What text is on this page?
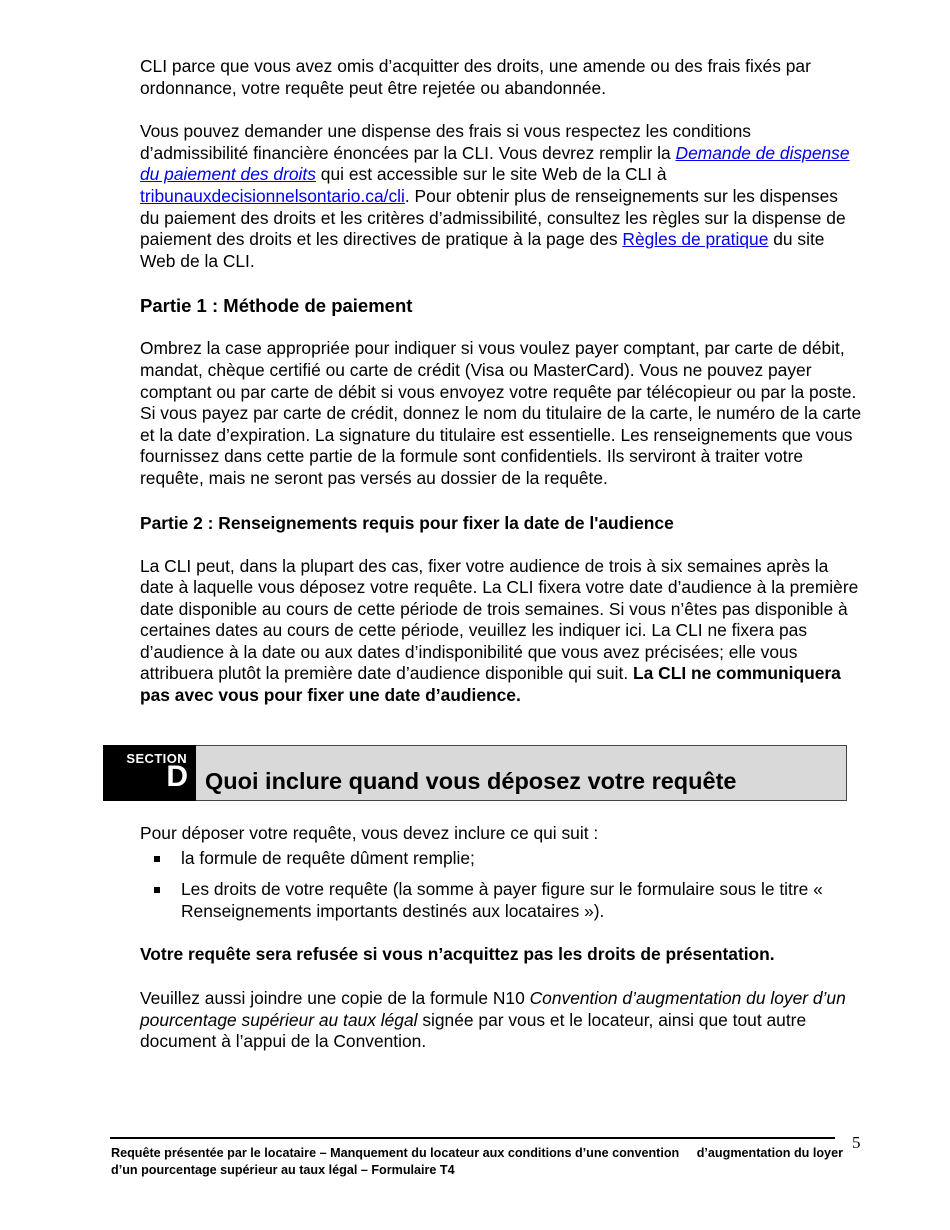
CLI parce que vous avez omis d’acquitter des droits, une amende ou des frais fixés par ordonnance, votre requête peut être rejetée ou abandonnée.

Vous pouvez demander une dispense des frais si vous respectez les conditions d’admissibilité financière énoncées par la CLI. Vous devrez remplir la Demande de dispense du paiement des droits qui est accessible sur le site Web de la CLI à tribunauxdecisionnelsontario.ca/cli. Pour obtenir plus de renseignements sur les dispenses du paiement des droits et les critères d’admissibilité, consultez les règles sur la dispense de paiement des droits et les directives de pratique à la page des Règles de pratique du site Web de la CLI.

Partie 1 : Méthode de paiement

Ombrez la case appropriée pour indiquer si vous voulez payer comptant, par carte de débit, mandat, chèque certifié ou carte de crédit (Visa ou MasterCard). Vous ne pouvez payer comptant ou par carte de débit si vous envoyez votre requête par télécopieur ou par la poste. Si vous payez par carte de crédit, donnez le nom du titulaire de la carte, le numéro de la carte et la date d’expiration. La signature du titulaire est essentielle. Les renseignements que vous fournissez dans cette partie de la formule sont confidentiels. Ils serviront à traiter votre requête, mais ne seront pas versés au dossier de la requête.

Partie 2 : Renseignements requis pour fixer la date de l'audience

La CLI peut, dans la plupart des cas, fixer votre audience de trois à six semaines après la date à laquelle vous déposez votre requête. La CLI fixera votre date d’audience à la première date disponible au cours de cette période de trois semaines. Si vous n’êtes pas disponible à certaines dates au cours de cette période, veuillez les indiquer ici. La CLI ne fixera pas d’audience à la date ou aux dates d’indisponibilité que vous avez précisées; elle vous attribuera plutôt la première date d’audience disponible qui suit. La CLI ne communiquera pas avec vous pour fixer une date d’audience.

SECTION
D Quoi inclure quand vous déposez votre requête

Pour déposer votre requête, vous devez inclure ce qui suit :

la formule de requête dûment remplie;
Les droits de votre requête (la somme à payer figure sur le formulaire sous le titre « Renseignements importants destinés aux locataires »).

Votre requête sera refusée si vous n’acquittez pas les droits de présentation.

Veuillez aussi joindre une copie de la formule N10 Convention d’augmentation du loyer d’un pourcentage supérieur au taux légal signée par vous et le locateur, ainsi que tout autre document à l’appui de la Convention.

5
Requête présentée par le locataire – Manquement du locateur aux conditions d’une convention     d’augmentation du loyer d’un pourcentage supérieur au taux légal – Formulaire T4
